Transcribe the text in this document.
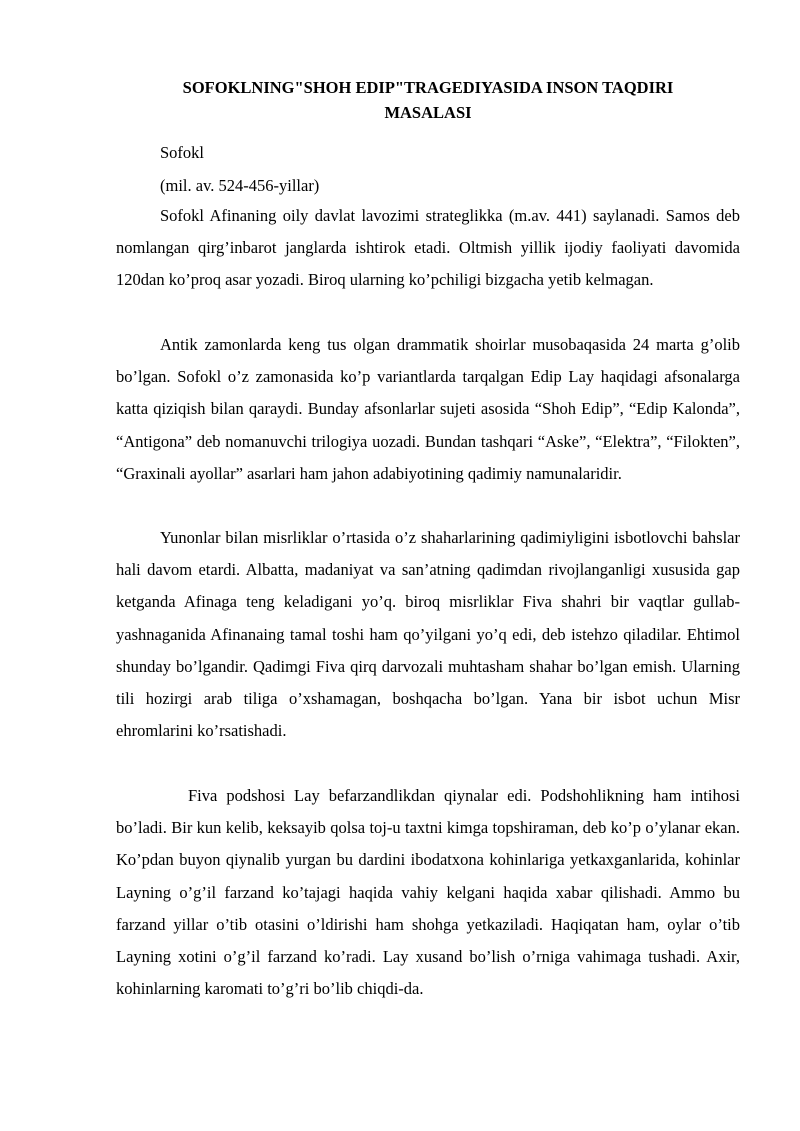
SOFOKLNING"SHOH EDIP"TRAGEDIYASIDA INSON TAQDIRI
MASALASI

Sofokl

(mil. av. 524-456-yillar)

Sofokl Afinaning oily davlat lavozimi strateglikka (m.av. 441) saylanadi. Samos deb nomlangan qirg’inbarot janglarda ishtirok etadi. Oltmish yillik ijodiy faoliyati davomida 120dan ko’proq asar yozadi. Biroq ularning ko’pchiligi bizgacha yetib kelmagan.

Antik zamonlarda keng tus olgan drammatik shoirlar musobaqasida 24 marta g’olib bo’lgan. Sofokl o’z zamonasida ko’p variantlarda tarqalgan Edip Lay haqidagi afsonalarga katta qiziqish bilan qaraydi. Bunday afsonlarlar sujeti asosida “Shoh Edip”, “Edip Kalonda”, “Antigona” deb nomanuvchi trilogiya uozadi. Bundan tashqari “Aske”, “Elektra”, “Filokten”, “Graxinali ayollar” asarlari ham jahon adabiyotining qadimiy namunalaridir.

Yunonlar bilan misrliklar o’rtasida o’z shaharlarining qadimiyligini isbotlovchi bahslar hali davom etardi. Albatta, madaniyat va san’atning qadimdan rivojlanganligi xususida gap ketganda Afinaga teng keladigani yo’q. biroq misrliklar Fiva shahri bir vaqtlar gullab-yashnaganida Afinanaing tamal toshi ham qo’yilgani yo’q edi, deb istehzo qiladilar. Ehtimol shunday bo’lgandir. Qadimgi Fiva qirq darvozali muhtasham shahar bo’lgan emish. Ularning tili hozirgi arab tiliga o’xshamagan, boshqacha bo’lgan. Yana bir isbot uchun Misr ehromlarini ko’rsatishadi.

Fiva podshosi Lay befarzandlikdan qiynalar edi. Podshohlikning ham intihosi bo’ladi. Bir kun kelib, keksayib qolsa toj-u taxtni kimga topshiraman, deb ko’p o’ylanar ekan. Ko’pdan buyon qiynalib yurgan bu dardini ibodatxona kohinlariga yetkaxganlarida, kohinlar Layning o’g’il farzand ko’tajagi haqida vahiy kelgani haqida xabar qilishadi. Ammo bu farzand yillar o’tib otasini o’ldirishi ham shohga yetkaziladi. Haqiqatan ham, oylar o’tib Layning xotini o’g’il farzand ko’radi. Lay xusand bo’lish o’rniga vahimaga tushadi. Axir, kohinlarning karomati to’g’ri bo’lib chiqdi-da.
